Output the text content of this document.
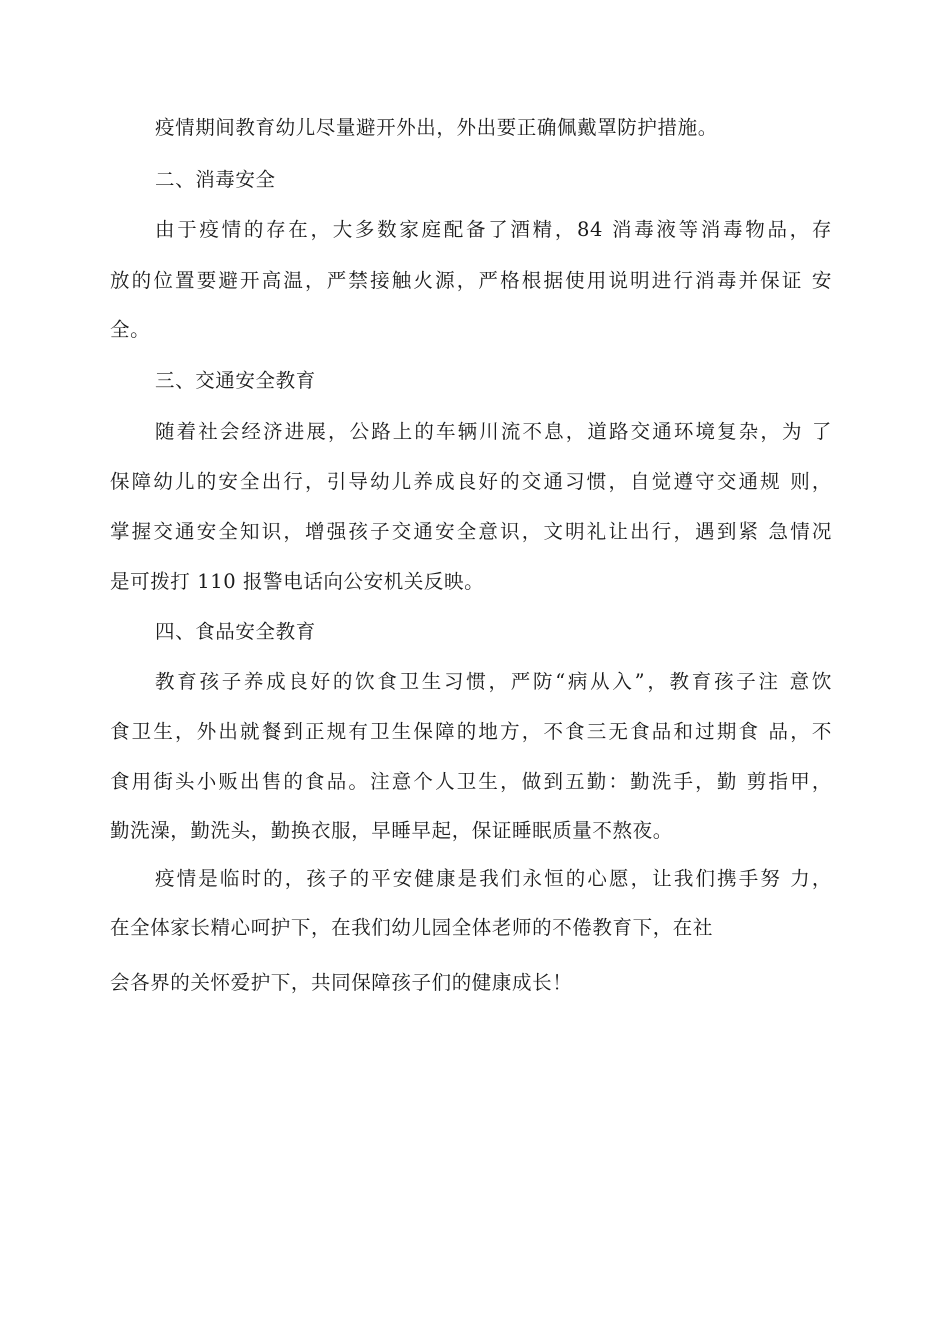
疫情期间教育幼儿尽量避开外出，外出要正确佩戴罩防护措施。
二、消毒安全
由于疫情的存在，大多数家庭配备了酒精，84 消毒液等消毒物品，存
放的位置要避开高温，严禁接触火源，严格根据使用说明进行消毒并保证 安
全。
三、交通安全教育
随着社会经济进展，公路上的车辆川流不息，道路交通环境复杂，为 了
保障幼儿的安全出行，引导幼儿养成良好的交通习惯，自觉遵守交通规 则，
掌握交通安全知识，增强孩子交通安全意识，文明礼让出行，遇到紧 急情况
是可拨打 110 报警电话向公安机关反映。
四、食品安全教育
教育孩子养成良好的饮食卫生习惯，严防“病从入”，教育孩子注 意饮
食卫生，外出就餐到正规有卫生保障的地方，不食三无食品和过期食 品，不
食用街头小贩出售的食品。注意个人卫生，做到五勤：勤洗手，勤 剪指甲，
勤洗澡，勤洗头，勤换衣服，早睡早起，保证睡眠质量不熬夜。
疫情是临时的，孩子的平安健康是我们永恒的心愿，让我们携手努 力，
在全体家长精心呵护下，在我们幼儿园全体老师的不倦教育下，在社
会各界的关怀爱护下，共同保障孩子们的健康成长！
